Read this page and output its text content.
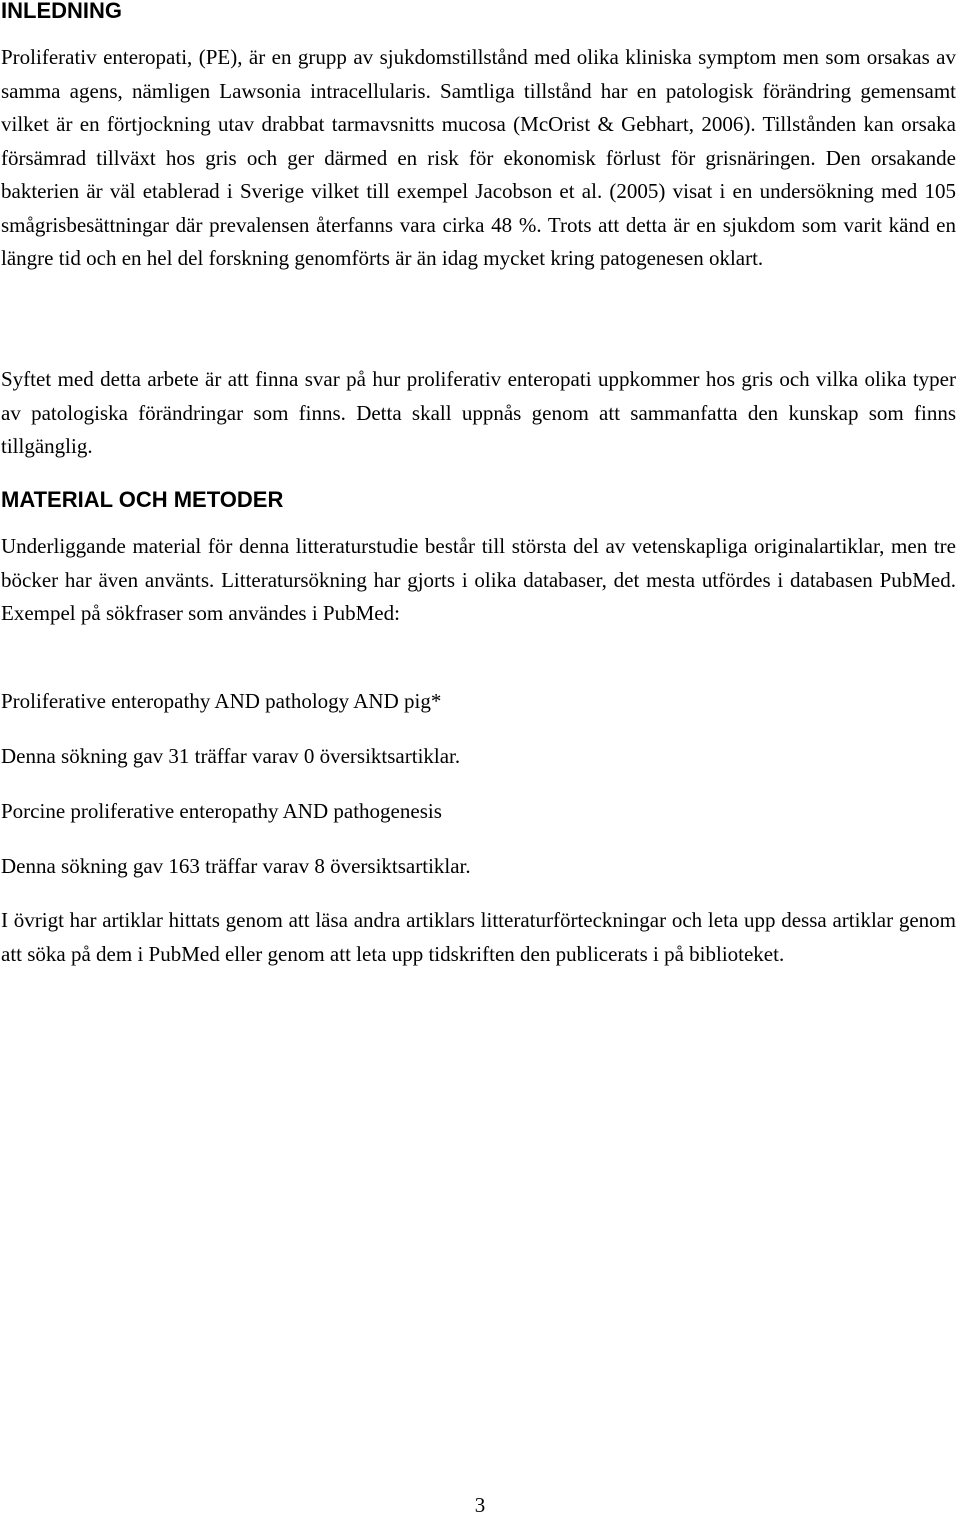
INLEDNING

Proliferativ enteropati, (PE), är en grupp av sjukdomstillstånd med olika kliniska symptom men som orsakas av samma agens, nämligen Lawsonia intracellularis. Samtliga tillstånd har en patologisk förändring gemensamt vilket är en förtjockning utav drabbat tarmavsnitts mucosa (McOrist & Gebhart, 2006). Tillstånden kan orsaka försämrad tillväxt hos gris och ger därmed en risk för ekonomisk förlust för grisnäringen. Den orsakande bakterien är väl etablerad i Sverige vilket till exempel Jacobson et al. (2005) visat i en undersökning med 105 smågrisbesättningar där prevalensen återfanns vara cirka 48 %. Trots att detta är en sjukdom som varit känd en längre tid och en hel del forskning genomförts är än idag mycket kring patogenesen oklart.

Syftet med detta arbete är att finna svar på hur proliferativ enteropati uppkommer hos gris och vilka olika typer av patologiska förändringar som finns. Detta skall uppnås genom att sammanfatta den kunskap som finns tillgänglig.

MATERIAL OCH METODER

Underliggande material för denna litteraturstudie består till största del av vetenskapliga originalartiklar, men tre böcker har även använts. Litteratursökning har gjorts i olika databaser, det mesta utfördes i databasen PubMed. Exempel på sökfraser som användes i PubMed:

Proliferative enteropathy AND pathology AND pig*

Denna sökning gav 31 träffar varav 0 översiktsartiklar.

Porcine proliferative enteropathy AND pathogenesis

Denna sökning gav 163 träffar varav 8 översiktsartiklar.

I övrigt har artiklar hittats genom att läsa andra artiklars litteraturförteckningar och leta upp dessa artiklar genom att söka på dem i PubMed eller genom att leta upp tidskriften den publicerats i på biblioteket.

3
